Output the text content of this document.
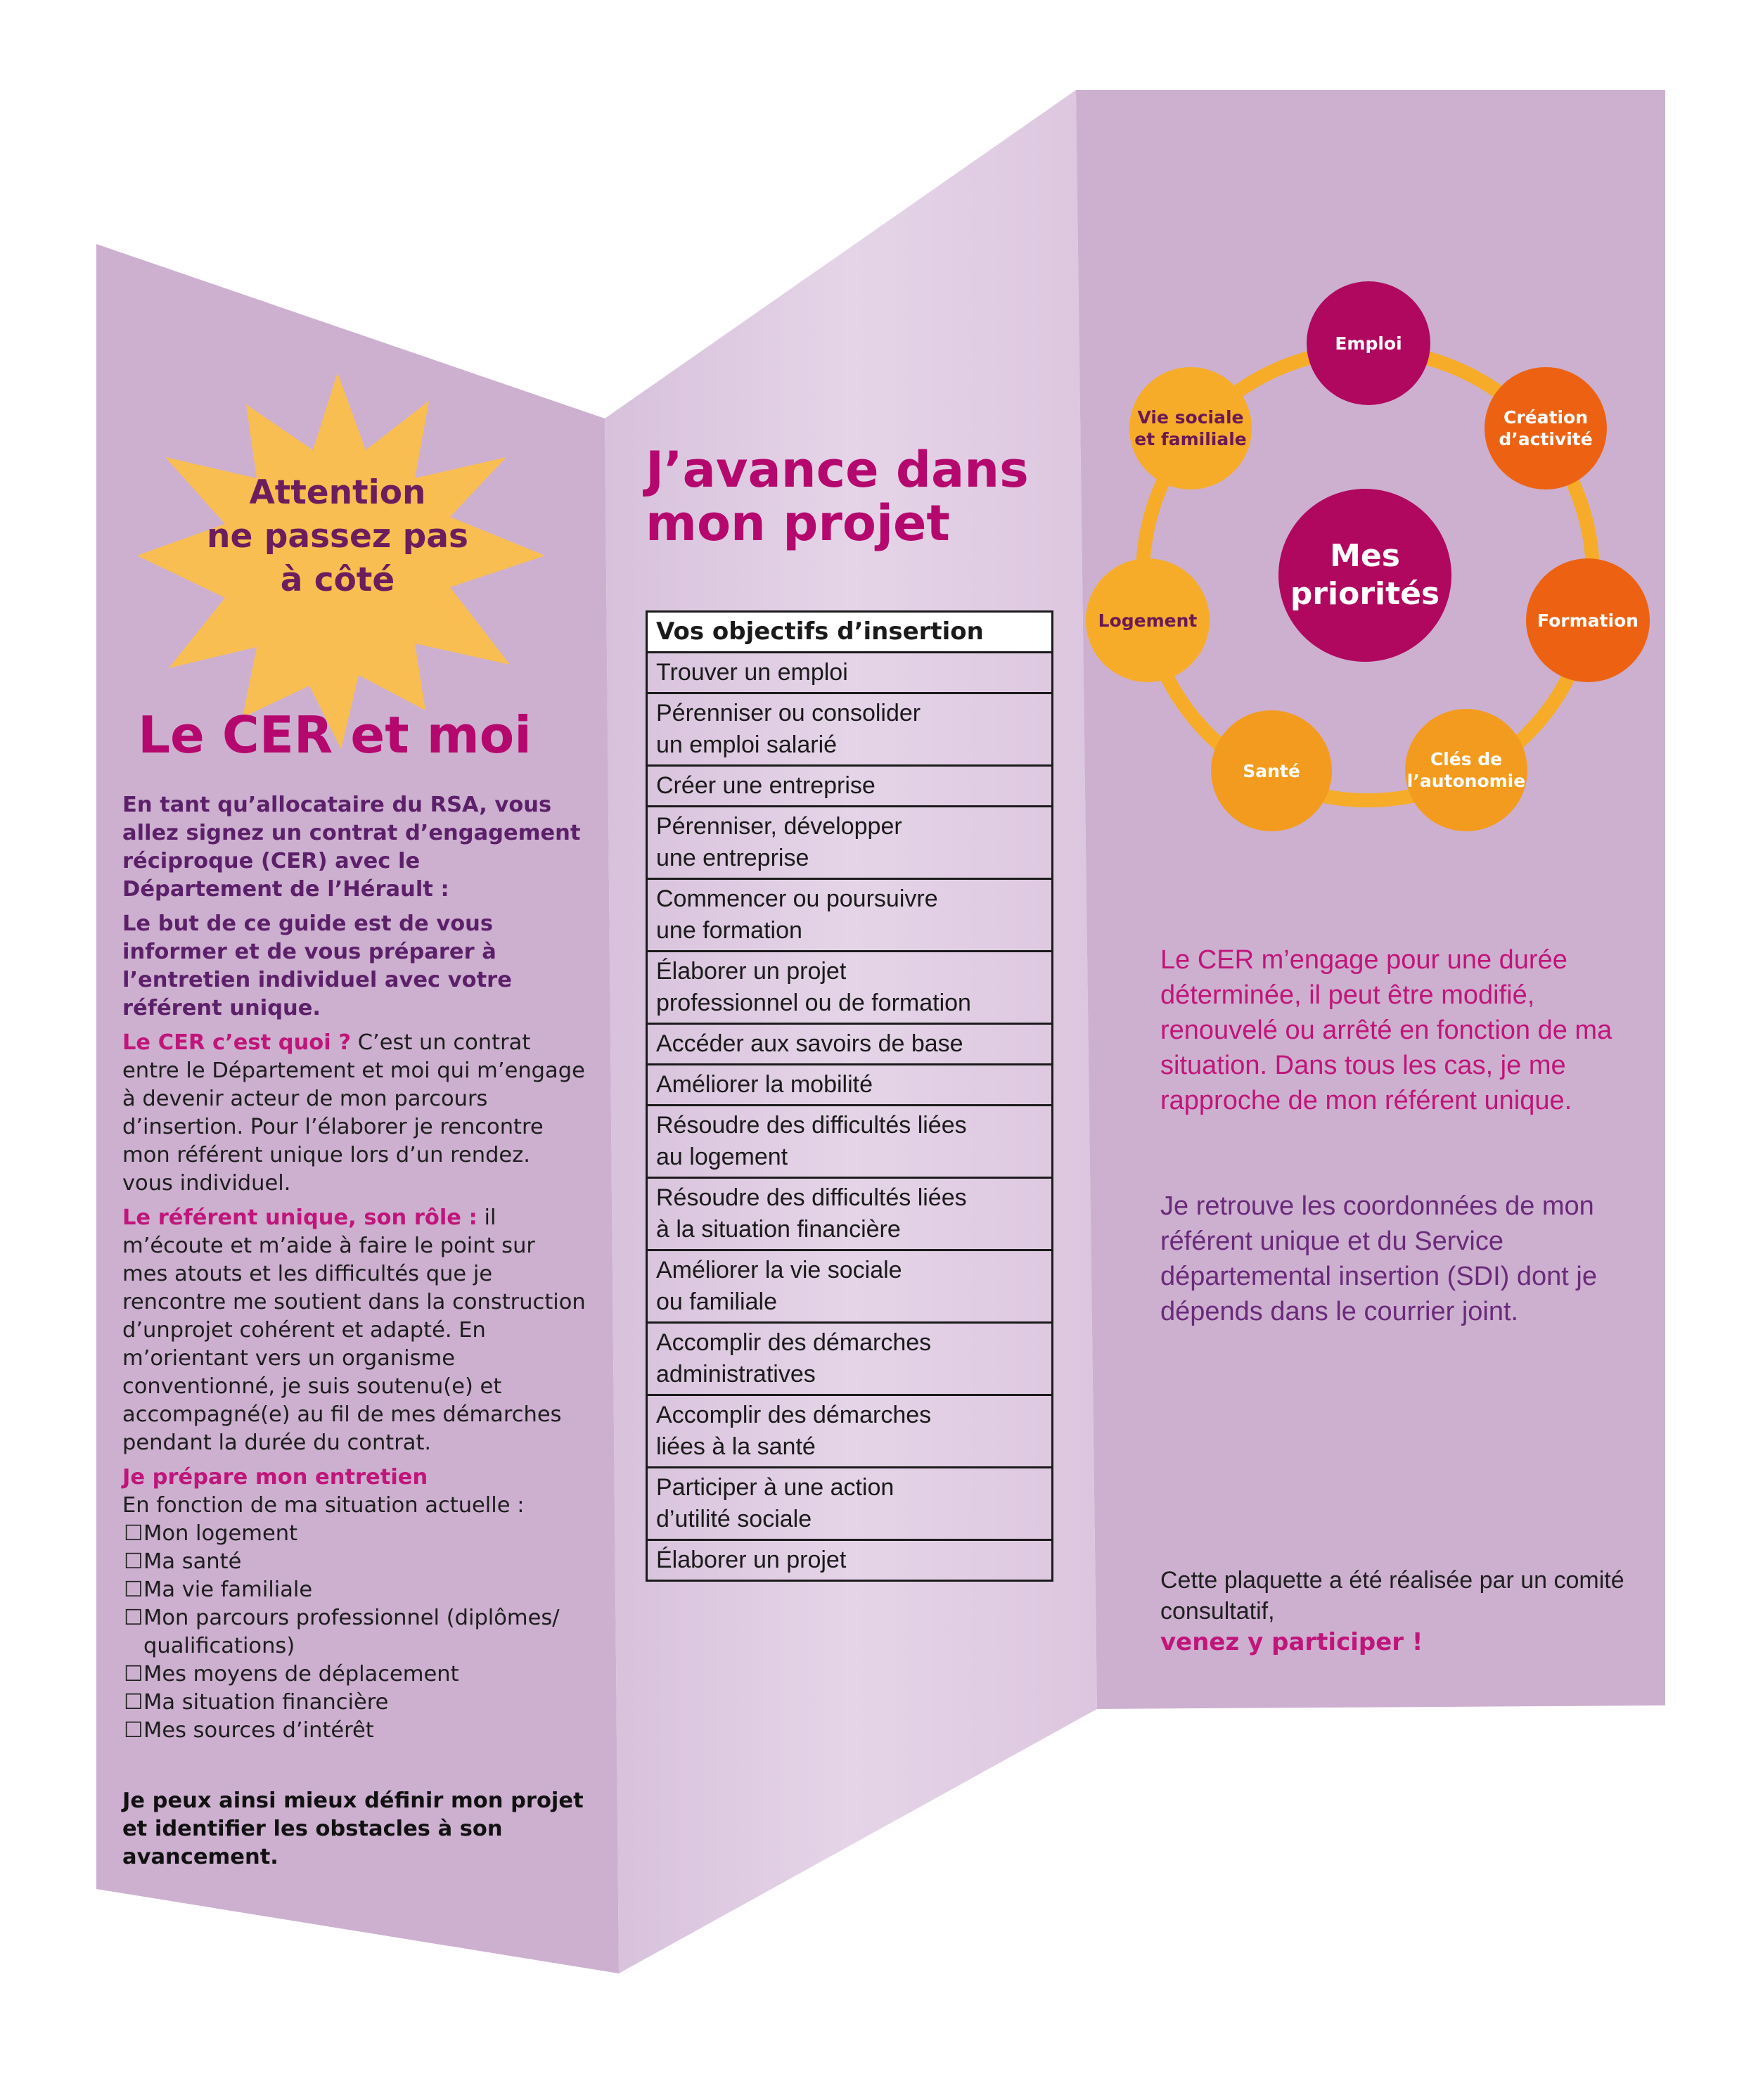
Attention
ne passez pas
à côté
Le CER et moi

En tant qu’allocataire du RSA, vous allez signez un contrat d’engagement réciproque (CER) avec le Département de l’Hérault :

Le but de ce guide est de vous informer et de vous préparer à l’entretien individuel avec votre référent unique.

Le CER c’est quoi ? C’est un contrat entre le Département et moi qui m’engage à devenir acteur de mon parcours d’insertion. Pour l’élaborer je rencontre mon référent unique lors d’un rendez. vous individuel.

Le référent unique, son rôle : il m’écoute et m’aide à faire le point sur mes atouts et les difficultés que je rencontre me soutient dans la construction d’unprojet cohérent et adapté. En m’orientant vers un organisme conventionné, je suis soutenu(e) et accompagné(e) au fil de mes démarches pendant la durée du contrat.

Je prépare mon entretien

En fonction de ma situation actuelle :
☐ Mon logement
☐ Ma santé
☐ Ma vie familiale
☐ Mon parcours professionnel (diplômes/ qualifications)
☐ Mes moyens de déplacement
☐ Ma situation financière
☐ Mes sources d’intérêt

Je peux ainsi mieux définir mon projet et identifier les obstacles à son avancement.

J’avance dans
mon projet
Vos objectifs d’insertion
Trouver un emploi
Pérenniser ou consolider
un emploi salarié
Créer une entreprise
Pérenniser, développer
une entreprise
Commencer ou poursuivre
une formation
Élaborer un projet
professionnel ou de formation
Accéder aux savoirs de base
Améliorer la mobilité
Résoudre des difficultés liées
au logement
Résoudre des difficultés liées
à la situation financière
Améliorer la vie sociale
ou familiale
Accomplir des démarches
administratives
Accomplir des démarches
liées à la santé
Participer à une action
d’utilité sociale
Élaborer un projet
Mes
priorités
Emploi
Création
d’activité
Formation
Clés de
l’autonomie
Santé
Logement
Vie sociale
et familiale
Le CER m’engage pour une durée déterminée, il peut être modifié, renouvelé ou arrêté en fonction de ma situation. Dans tous les cas, je me rapproche de mon référent unique.
Je retrouve les coordonnées de mon référent unique et du Service départemental insertion (SDI) dont je dépends dans le courrier joint.
Cette plaquette a été réalisée par un comité consultatif,
venez y participer !
